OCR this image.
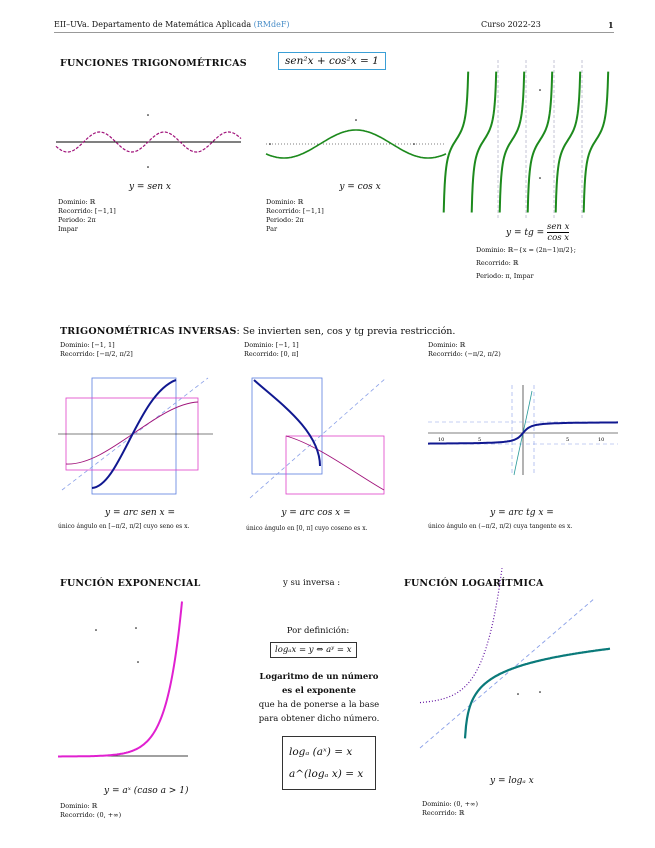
EII–UVa. Departamento de Matemática Aplicada (RMdeF)	Curso 2022-23	1
FUNCIONES TRIGONOMÉTRICAS	sen²x + cos²x = 1
y = sen x
Dominio: ℝ
Recorrido: [−1,1]
Periodo: 2π
Impar
y = cos x
Dominio: ℝ
Recorrido: [−1,1]
Periodo: 2π
Par	y = tg =
sen x
cos x
Dominio: ℝ−{x = (2n−1)π/2};
Recorrido: ℝ
Periodo: π, Impar
TRIGONOMÉTRICAS INVERSAS: Se invierten sen, cos y tg previa restricción.
Dominio: [−1, 1]
Recorrido: [−π/2, π/2]
Dominio: [−1, 1]
Recorrido: [0, π]
Dominio: ℝ
Recorrido: (−π/2, π/2)
y = arc sen x =
único ángulo en [−π/2, π/2] cuyo seno es x.
y = arc cos x =
único ángulo en [0, π] cuyo coseno es x.
10	5	5	10
y = arc tg x =
único ángulo en (−π/2, π/2) cuya tangente es x.
FUNCIÓN EXPONENCIAL
y = aˣ (caso a > 1)
Dominio: ℝ
Recorrido: (0, +∞)
y su inversa :
Por definición:
logₐx = y ⇔ aʸ = x
Logaritmo de un número
es el exponente
que ha de ponerse a la base
para obtener dicho número.
logₐ (aˣ) = x
a^(logₐ x) = x
FUNCIÓN LOGARÍTMICA
y = logₐ x
Dominio: (0, +∞)
Recorrido: ℝ
